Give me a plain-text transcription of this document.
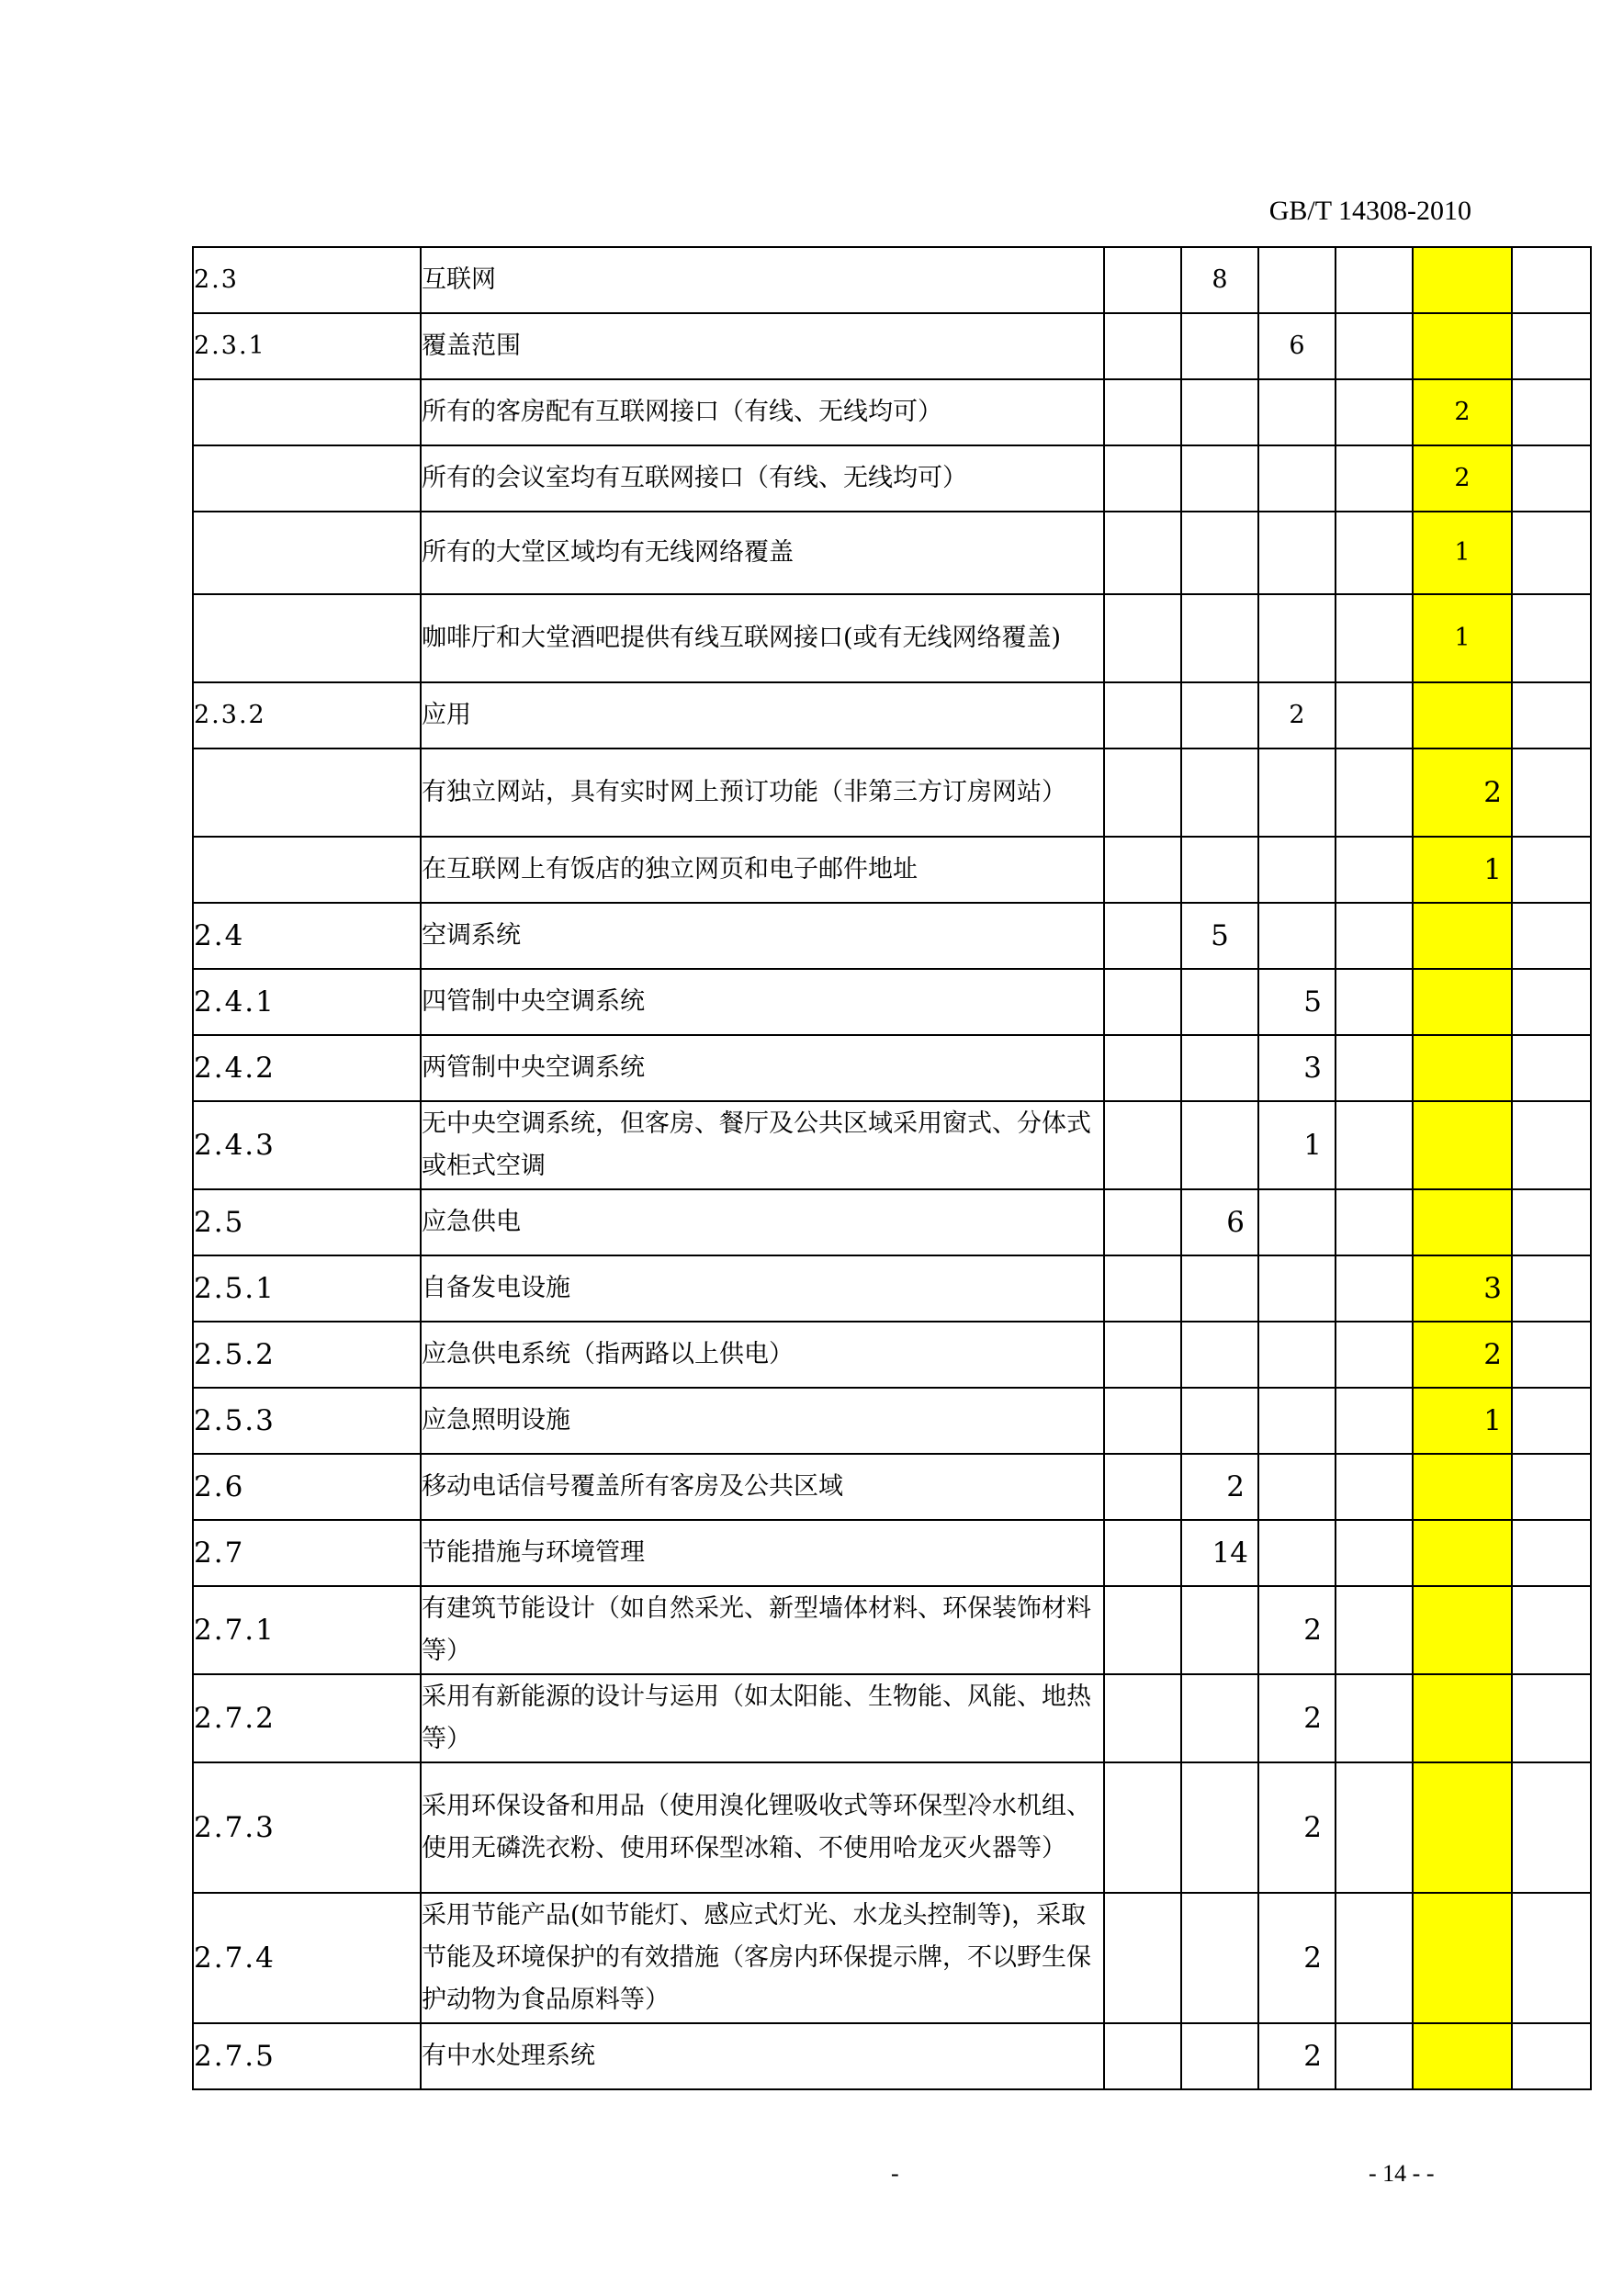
GB/T 14308-2010
2.3	互联网		8				
2.3.1	覆盖范围			6			
	所有的客房配有互联网接口（有线、无线均可）					2	
	所有的会议室均有互联网接口（有线、无线均可）					2	
	所有的大堂区域均有无线网络覆盖					1	
	咖啡厅和大堂酒吧提供有线互联网接口(或有无线网络覆盖)					1	
2.3.2	应用			2			
	有独立网站，具有实时网上预订功能（非第三方订房网站）					2	
	在互联网上有饭店的独立网页和电子邮件地址					1	
2.4	空调系统		5				
2.4.1	四管制中央空调系统			5			
2.4.2	两管制中央空调系统			3			
2.4.3	无中央空调系统，但客房、餐厅及公共区域采用窗式、分体式或柜式空调			1			
2.5	应急供电		6				
2.5.1	自备发电设施					3	
2.5.2	应急供电系统（指两路以上供电）					2	
2.5.3	应急照明设施					1	
2.6	移动电话信号覆盖所有客房及公共区域		2				
2.7	节能措施与环境管理		14				
2.7.1	有建筑节能设计（如自然采光、新型墙体材料、环保装饰材料等）			2			
2.7.2	采用有新能源的设计与运用（如太阳能、生物能、风能、地热等）			2			
2.7.3	采用环保设备和用品（使用溴化锂吸收式等环保型冷水机组、使用无磷洗衣粉、使用环保型冰箱、不使用哈龙灭火器等）			2			
2.7.4	采用节能产品(如节能灯、感应式灯光、水龙头控制等)，采取节能及环境保护的有效措施（客房内环保提示牌，不以野生保护动物为食品原料等）			2			
2.7.5	有中水处理系统			2			
-	- 14 - -
